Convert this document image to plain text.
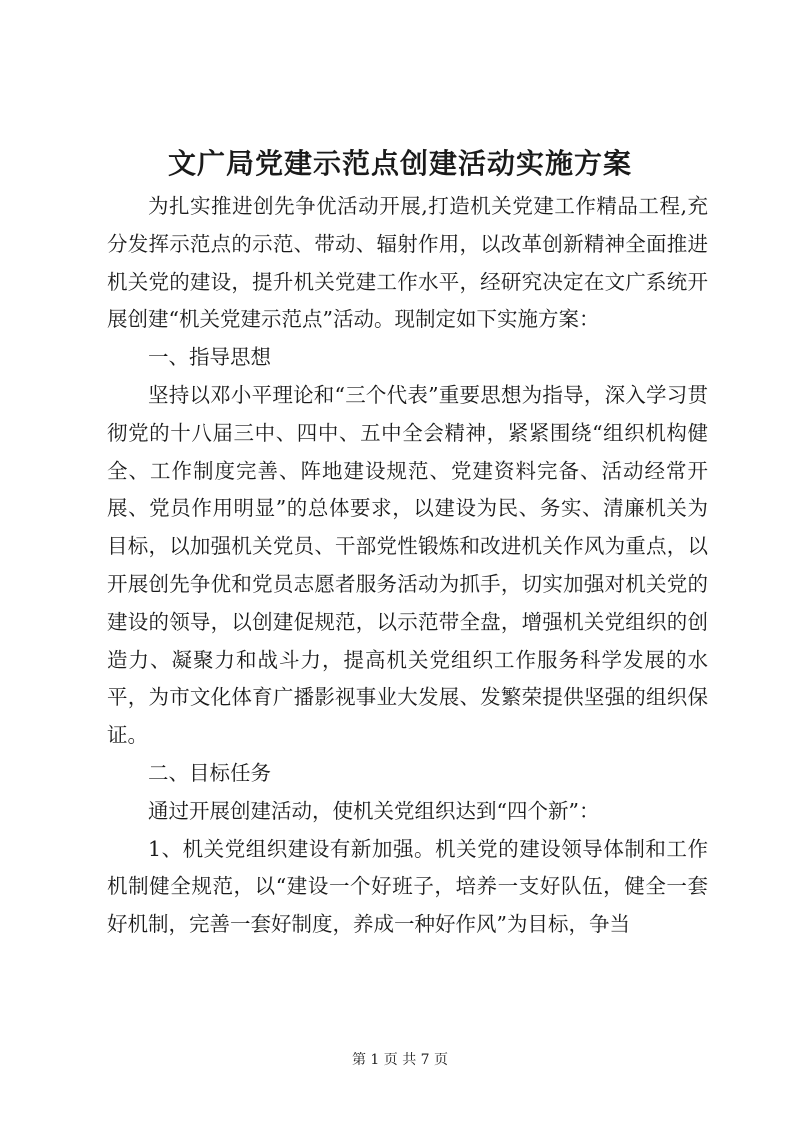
文广局党建示范点创建活动实施方案

为扎实推进创先争优活动开展,打造机关党建工作精品工程,充分发挥示范点的示范、带动、辐射作用，以改革创新精神全面推进机关党的建设，提升机关党建工作水平，经研究决定在文广系统开展创建“机关党建示范点”活动。现制定如下实施方案：

一、指导思想

坚持以邓小平理论和“三个代表”重要思想为指导，深入学习贯彻党的十八届三中、四中、五中全会精神，紧紧围绕“组织机构健全、工作制度完善、阵地建设规范、党建资料完备、活动经常开展、党员作用明显”的总体要求，以建设为民、务实、清廉机关为目标，以加强机关党员、干部党性锻炼和改进机关作风为重点，以开展创先争优和党员志愿者服务活动为抓手，切实加强对机关党的建设的领导，以创建促规范，以示范带全盘，增强机关党组织的创造力、凝聚力和战斗力，提高机关党组织工作服务科学发展的水平，为市文化体育广播影视事业大发展、发繁荣提供坚强的组织保证。

二、目标任务

通过开展创建活动，使机关党组织达到“四个新”：

1、机关党组织建设有新加强。机关党的建设领导体制和工作机制健全规范，以“建设一个好班子，培养一支好队伍，健全一套好机制，完善一套好制度，养成一种好作风”为目标，争当

第 1 页 共 7 页
